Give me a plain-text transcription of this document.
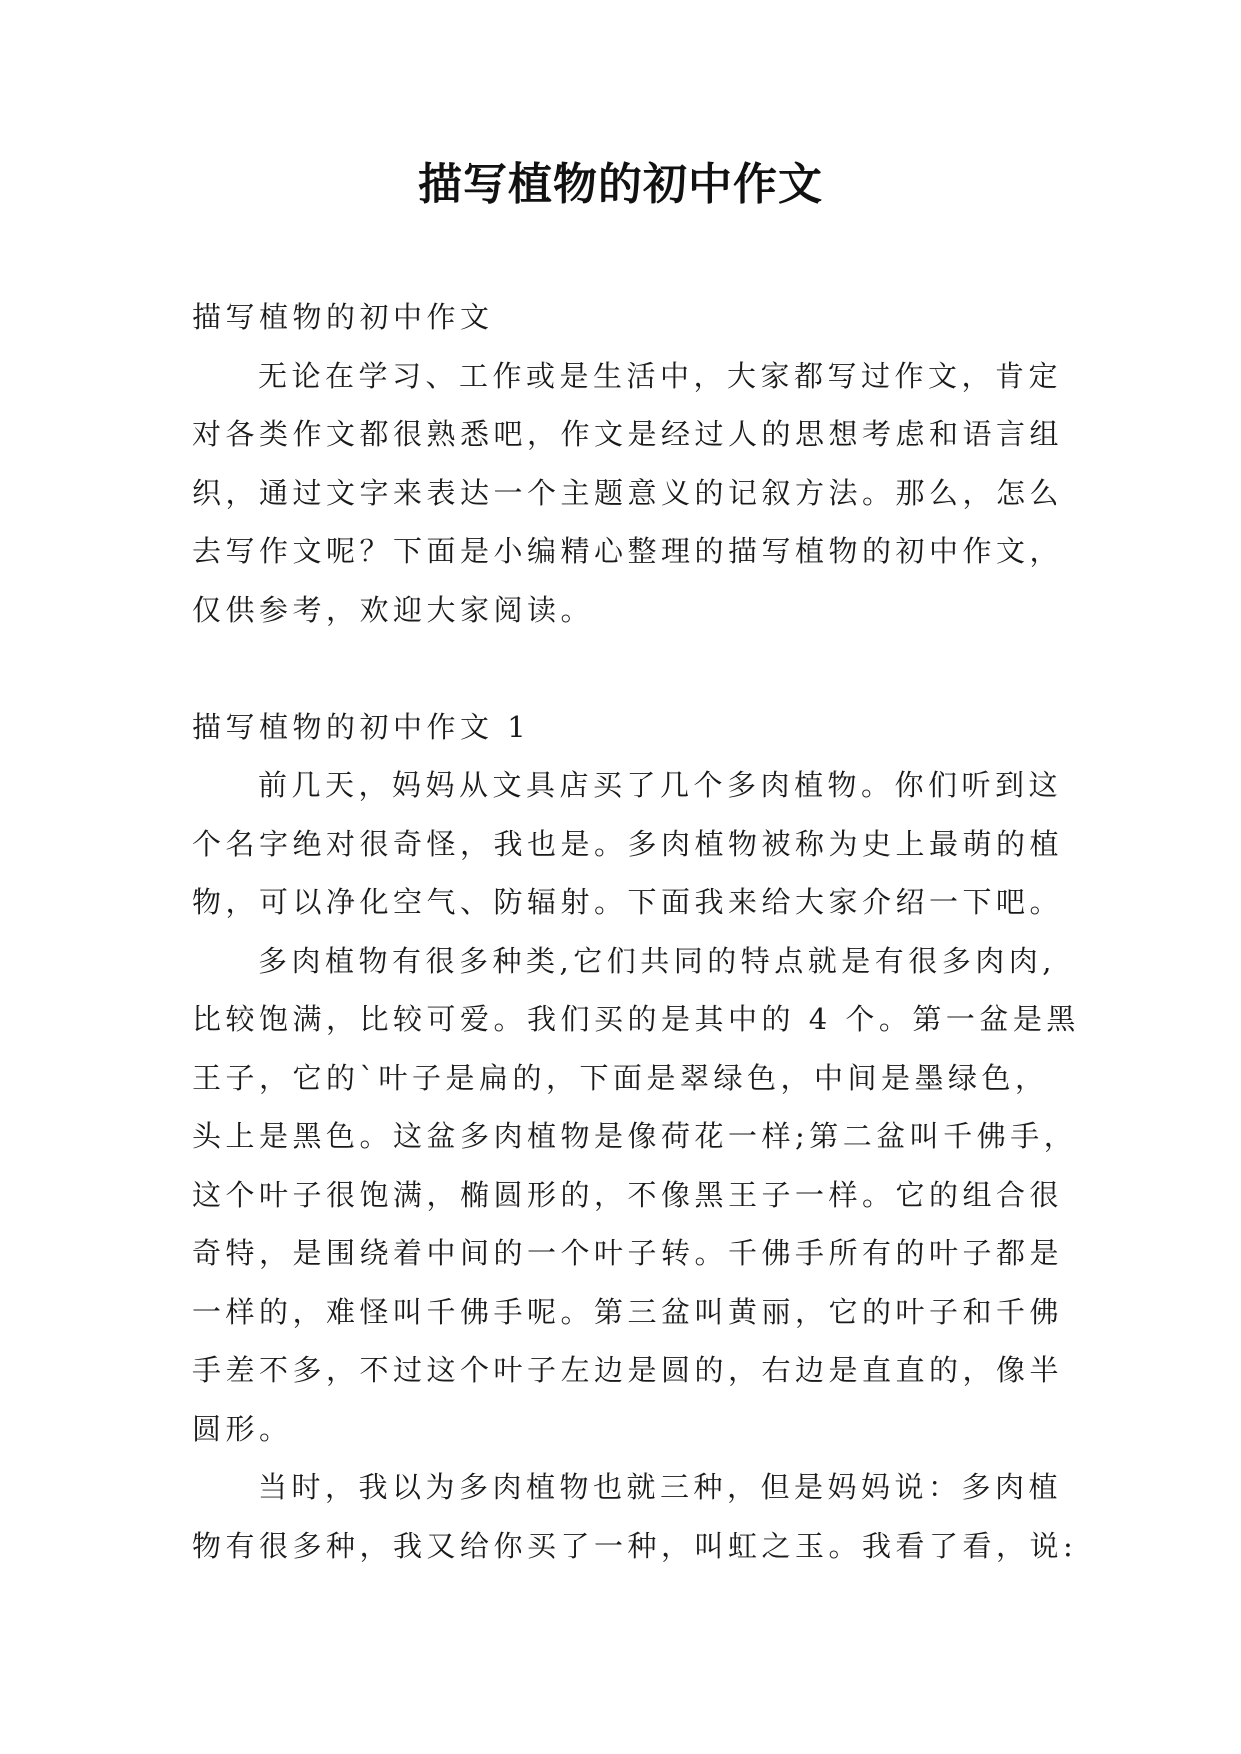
描写植物的初中作文

描写植物的初中作文

无论在学习、工作或是生活中，大家都写过作文，肯定

对各类作文都很熟悉吧，作文是经过人的思想考虑和语言组

织，通过文字来表达一个主题意义的记叙方法。那么，怎么

去写作文呢？下面是小编精心整理的描写植物的初中作文，

仅供参考，欢迎大家阅读。

描写植物的初中作文 1

前几天，妈妈从文具店买了几个多肉植物。你们听到这

个名字绝对很奇怪，我也是。多肉植物被称为史上最萌的植

物，可以净化空气、防辐射。下面我来给大家介绍一下吧。

多肉植物有很多种类,它们共同的特点就是有很多肉肉,

比较饱满，比较可爱。我们买的是其中的 4 个。第一盆是黑

王子，它的`叶子是扁的，下面是翠绿色，中间是墨绿色，

头上是黑色。这盆多肉植物是像荷花一样;第二盆叫千佛手，

这个叶子很饱满，椭圆形的，不像黑王子一样。它的组合很

奇特，是围绕着中间的一个叶子转。千佛手所有的叶子都是

一样的，难怪叫千佛手呢。第三盆叫黄丽，它的叶子和千佛

手差不多，不过这个叶子左边是圆的，右边是直直的，像半

圆形。

当时，我以为多肉植物也就三种，但是妈妈说：多肉植

物有很多种，我又给你买了一种，叫虹之玉。我看了看，说:
